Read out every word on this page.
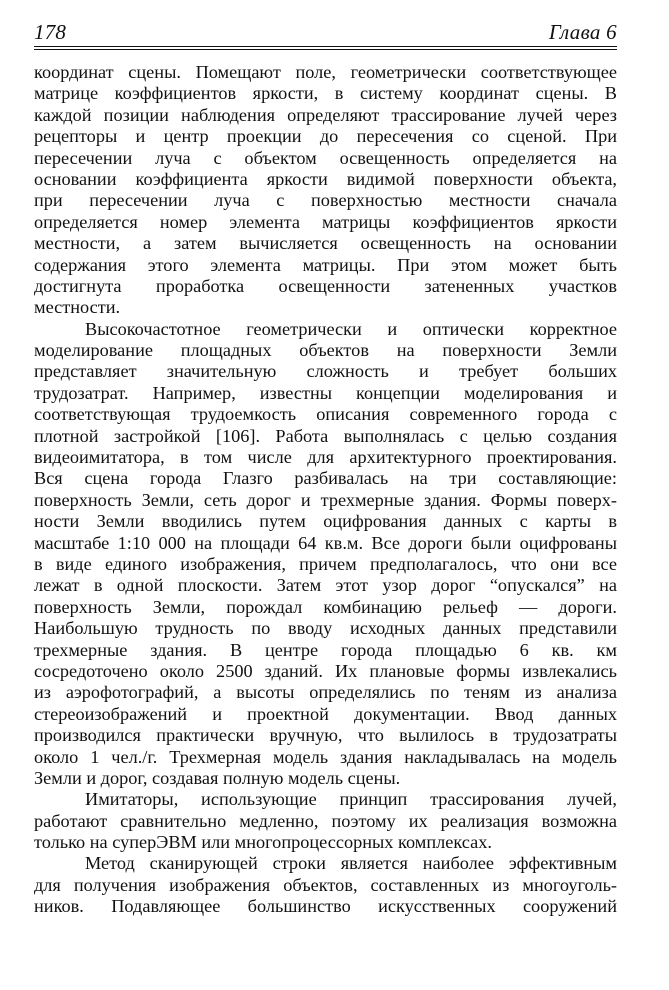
178	Глава 6
координат сцены. Помещают поле, геометрически соответствующее
матрице коэффициентов яркости, в систему координат сцены. В
каждой позиции наблюдения определяют трассирование лучей через
рецепторы и центр проекции до пересечения со сценой. При
пересечении луча с объектом освещенность определяется на
основании коэффициента яркости видимой поверхности объекта,
при пересечении луча с поверхностью местности сначала
определяется номер элемента матрицы коэффициентов яркости
местности, а затем вычисляется освещенность на основании
содержания этого элемента матрицы. При этом может быть
достигнута проработка освещенности затененных участков
местности.
Высокочастотное геометрически и оптически корректное
моделирование площадных объектов на поверхности Земли
представляет значительную сложность и требует больших
трудозатрат. Например, известны концепции моделирования и
соответствующая трудоемкость описания современного города с
плотной застройкой [106]. Работа выполнялась с целью создания
видеоимитатора, в том числе для архитектурного проектирования.
Вся сцена города Глазго разбивалась на три составляющие:
поверхность Земли, сеть дорог и трехмерные здания. Формы поверх-
ности Земли вводились путем оцифрования данных с карты в
масштабе 1:10 000 на площади 64 кв.м. Все дороги были оцифрованы
в виде единого изображения, причем предполагалось, что они все
лежат в одной плоскости. Затем этот узор дорог “опускался” на
поверхность Земли, порождал комбинацию рельеф — дороги.
Наибольшую трудность по вводу исходных данных представили
трехмерные здания. В центре города площадью 6 кв. км
сосредоточено около 2500 зданий. Их плановые формы извлекались
из аэрофотографий, а высоты определялись по теням из анализа
стереоизображений и проектной документации. Ввод данных
производился практически вручную, что вылилось в трудозатраты
около 1 чел./г. Трехмерная модель здания накладывалась на модель
Земли и дорог, создавая полную модель сцены.
Имитаторы, использующие принцип трассирования лучей,
работают сравнительно медленно, поэтому их реализация возможна
только на суперЭВМ или многопроцессорных комплексах.
Метод сканирующей строки является наиболее эффективным
для получения изображения объектов, составленных из многоуголь-
ников. Подавляющее большинство искусственных сооружений
